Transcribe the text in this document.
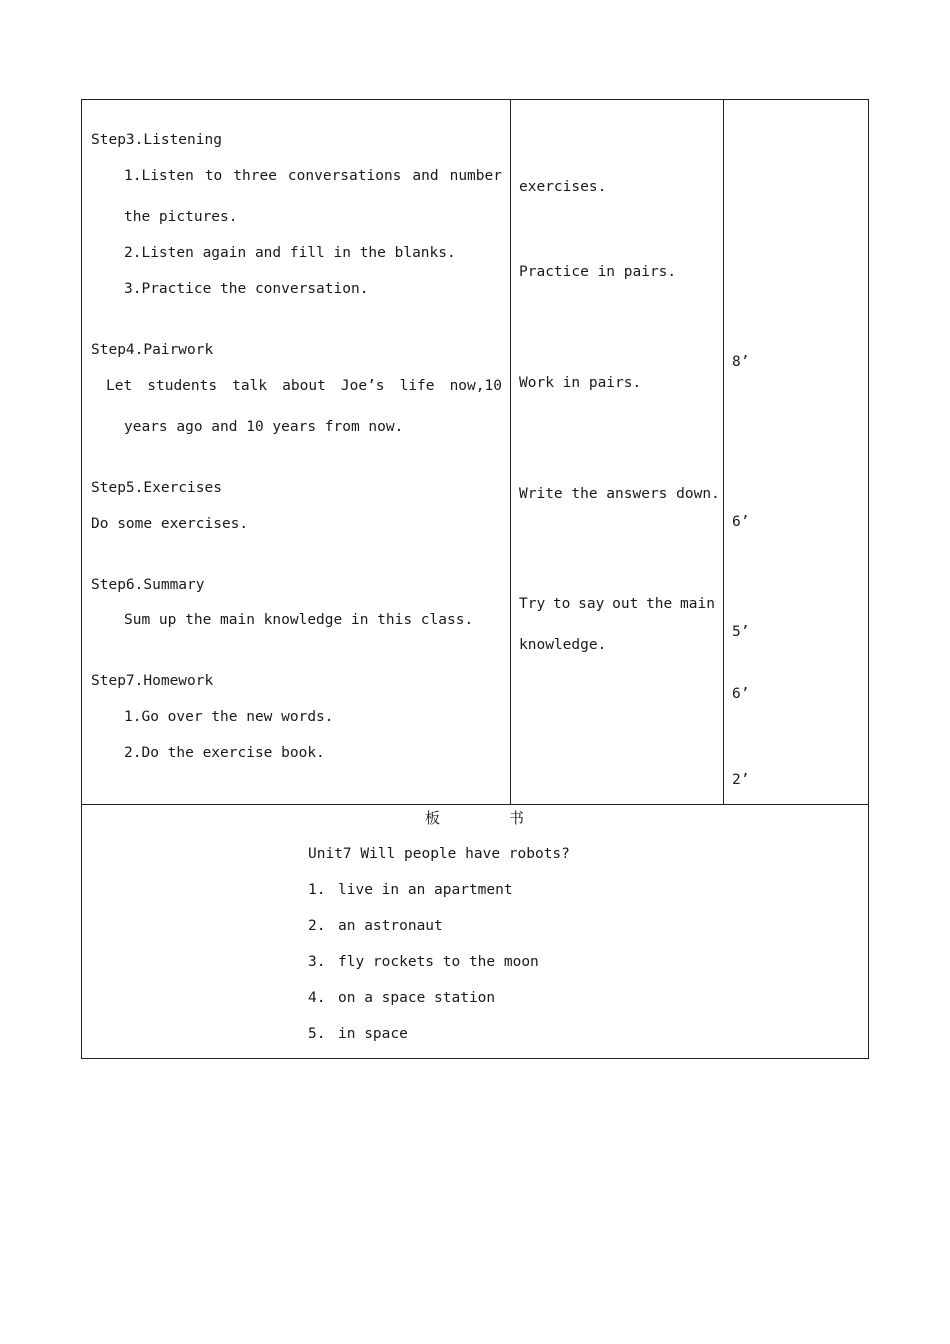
Step3.Listening
1.Listen to three conversations and number
the pictures.
2.Listen again and fill in the blanks.
3.Practice the conversation.
Step4.Pairwork
Let students talk about Joe’s life now,10
years ago and 10 years from now.
Step5.Exercises
Do some exercises.
Step6.Summary
Sum up the main knowledge in this class.
Step7.Homework
1.Go over the new words.
2.Do the exercise book.
exercises.
Practice in pairs.
Work in pairs.
Write the answers down.
Try to say out the main
knowledge.
8’
6’
5’
6’
2’
板	书
Unit7 Will people have robots?
1. live in an apartment
2. an astronaut
3. fly rockets to the moon
4. on a space station
5. in space
